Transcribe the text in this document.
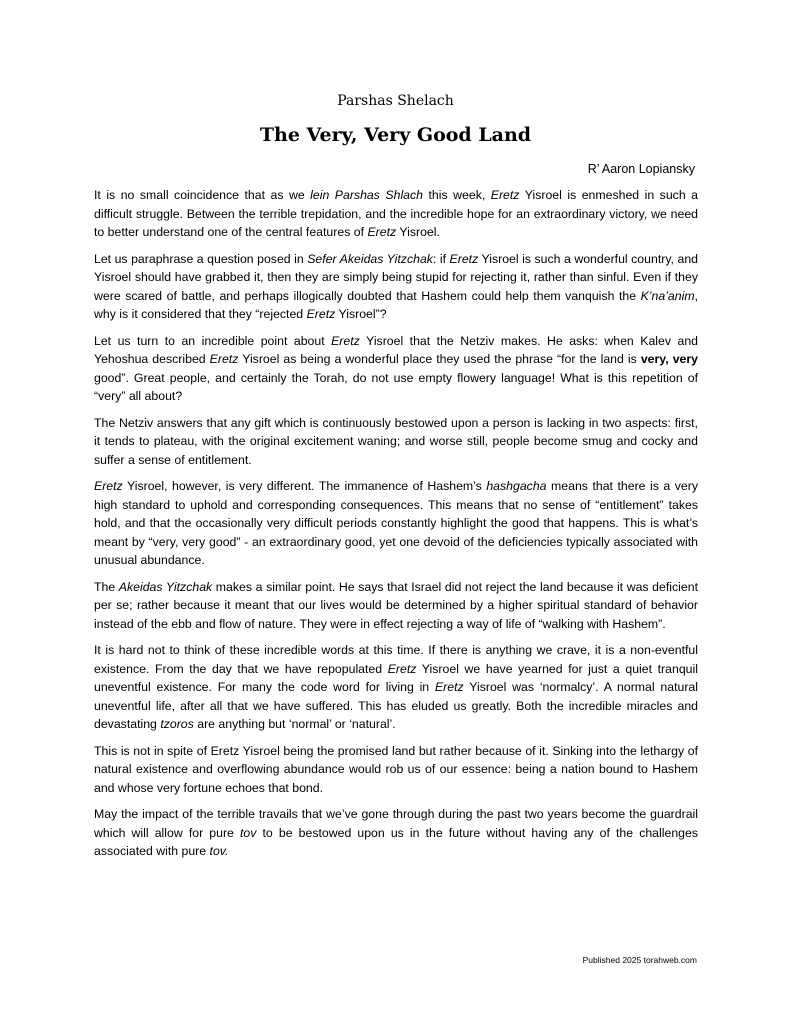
Parshas Shelach
The Very, Very Good Land
R’ Aaron Lopiansky

It is no small coincidence that as we lein Parshas Shlach this week, Eretz Yisroel is enmeshed in such a difficult struggle. Between the terrible trepidation, and the incredible hope for an extraordinary victory, we need to better understand one of the central features of Eretz Yisroel.

Let us paraphrase a question posed in Sefer Akeidas Yitzchak: if Eretz Yisroel is such a wonderful country, and Yisroel should have grabbed it, then they are simply being stupid for rejecting it, rather than sinful. Even if they were scared of battle, and perhaps illogically doubted that Hashem could help them vanquish the K’na’anim, why is it considered that they “rejected Eretz Yisroel”?

Let us turn to an incredible point about Eretz Yisroel that the Netziv makes. He asks: when Kalev and Yehoshua described Eretz Yisroel as being a wonderful place they used the phrase “for the land is very, very good”. Great people, and certainly the Torah, do not use empty flowery language! What is this repetition of “very” all about?

The Netziv answers that any gift which is continuously bestowed upon a person is lacking in two aspects: first, it tends to plateau, with the original excitement waning; and worse still, people become smug and cocky and suffer a sense of entitlement.

Eretz Yisroel, however, is very different. The immanence of Hashem’s hashgacha means that there is a very high standard to uphold and corresponding consequences. This means that no sense of “entitlement” takes hold, and that the occasionally very difficult periods constantly highlight the good that happens. This is what’s meant by “very, very good” - an extraordinary good, yet one devoid of the deficiencies typically associated with unusual abundance.

The Akeidas Yitzchak makes a similar point. He says that Israel did not reject the land because it was deficient per se; rather because it meant that our lives would be determined by a higher spiritual standard of behavior instead of the ebb and flow of nature. They were in effect rejecting a way of life of “walking with Hashem”.

It is hard not to think of these incredible words at this time. If there is anything we crave, it is a non-eventful existence. From the day that we have repopulated Eretz Yisroel we have yearned for just a quiet tranquil uneventful existence. For many the code word for living in Eretz Yisroel was ‘normalcy’. A normal natural uneventful life, after all that we have suffered. This has eluded us greatly. Both the incredible miracles and devastating tzoros are anything but ‘normal’ or ‘natural’.

This is not in spite of Eretz Yisroel being the promised land but rather because of it. Sinking into the lethargy of natural existence and overflowing abundance would rob us of our essence: being a nation bound to Hashem and whose very fortune echoes that bond.

May the impact of the terrible travails that we’ve gone through during the past two years become the guardrail which will allow for pure tov to be bestowed upon us in the future without having any of the challenges associated with pure tov.

Published 2025 torahweb.com
